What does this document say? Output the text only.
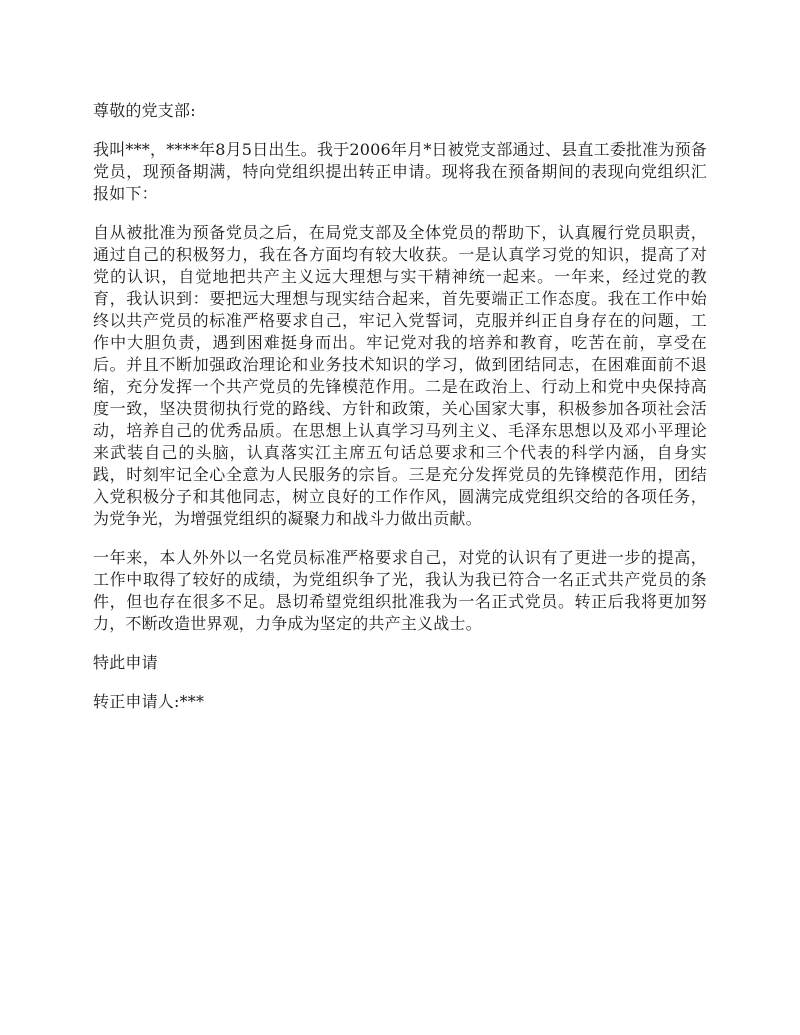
尊敬的党支部:

我叫***，****年8月5日出生。我于2006年月*日被党支部通过、县直工委批准为预备党员，现预备期满，特向党组织提出转正申请。现将我在预备期间的表现向党组织汇报如下：

自从被批准为预备党员之后，在局党支部及全体党员的帮助下，认真履行党员职责，通过自己的积极努力，我在各方面均有较大收获。一是认真学习党的知识，提高了对党的认识，自觉地把共产主义远大理想与实干精神统一起来。一年来，经过党的教育，我认识到：要把远大理想与现实结合起来，首先要端正工作态度。我在工作中始终以共产党员的标准严格要求自己，牢记入党誓词，克服并纠正自身存在的问题，工作中大胆负责，遇到困难挺身而出。牢记党对我的培养和教育，吃苦在前，享受在后。并且不断加强政治理论和业务技术知识的学习，做到团结同志，在困难面前不退缩，充分发挥一个共产党员的先锋模范作用。二是在政治上、行动上和党中央保持高度一致，坚决贯彻执行党的路线、方针和政策，关心国家大事，积极参加各项社会活动，培养自己的优秀品质。在思想上认真学习马列主义、毛泽东思想以及邓小平理论来武装自己的头脑，认真落实江主席五句话总要求和三个代表的科学内涵，自身实践，时刻牢记全心全意为人民服务的宗旨。三是充分发挥党员的先锋模范作用，团结入党积极分子和其他同志，树立良好的工作作风，圆满完成党组织交给的各项任务，为党争光，为增强党组织的凝聚力和战斗力做出贡献。

一年来，本人外外以一名党员标准严格要求自己，对党的认识有了更进一步的提高，工作中取得了较好的成绩，为党组织争了光，我认为我已符合一名正式共产党员的条件，但也存在很多不足。恳切希望党组织批准我为一名正式党员。转正后我将更加努力，不断改造世界观，力争成为坚定的共产主义战士。

特此申请

转正申请人:***
